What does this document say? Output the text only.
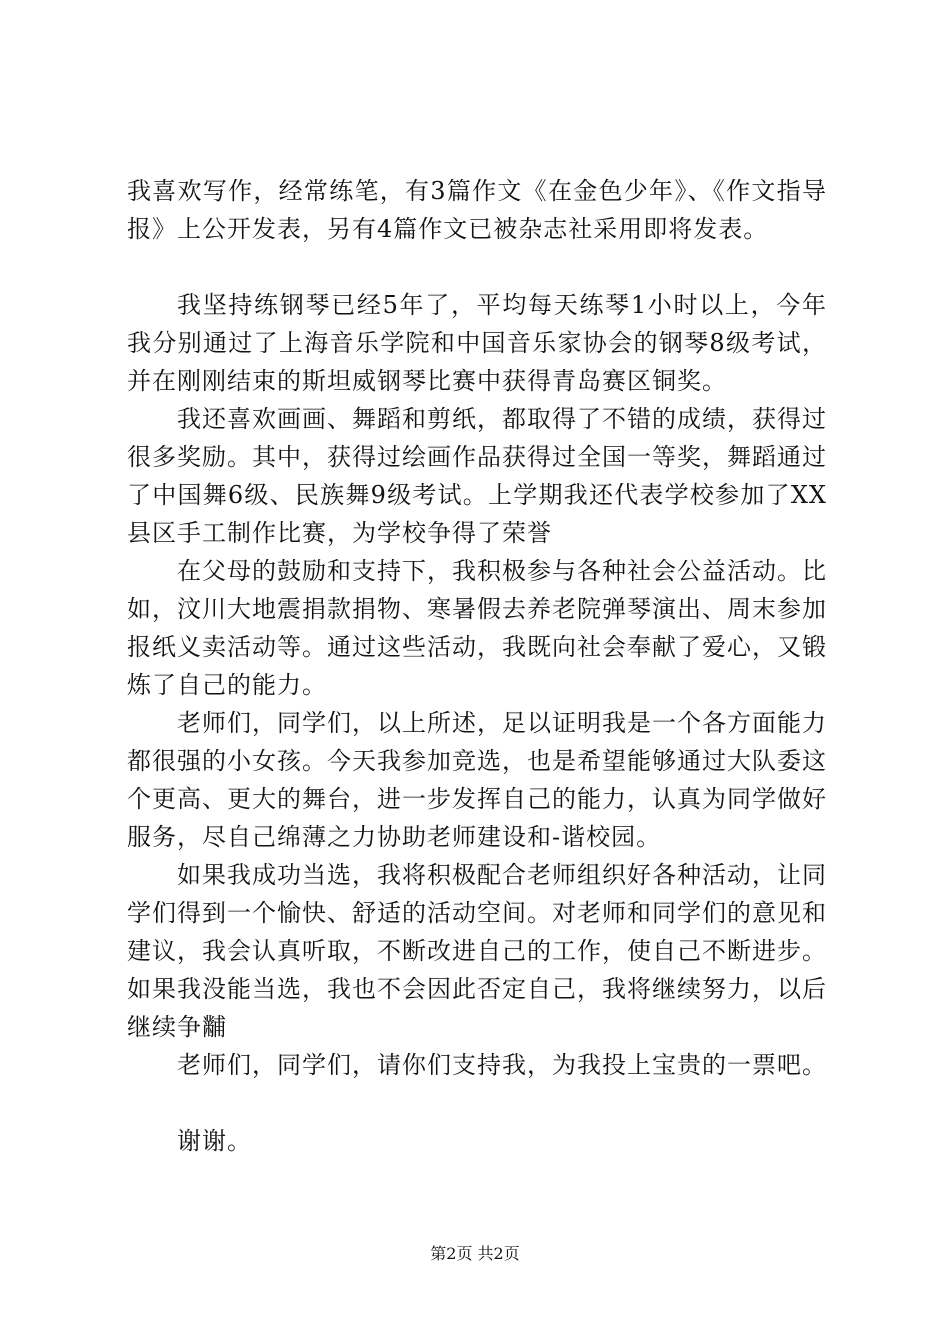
我喜欢写作，经常练笔，有3篇作文《在金色少年》、《作文指导报》上公开发表，另有4篇作文已被杂志社采用即将发表。

我坚持练钢琴已经5年了，平均每天练琴1小时以上，今年我分别通过了上海音乐学院和中国音乐家协会的钢琴8级考试，并在刚刚结束的斯坦威钢琴比赛中获得青岛赛区铜奖。

我还喜欢画画、舞蹈和剪纸，都取得了不错的成绩，获得过很多奖励。其中，获得过绘画作品获得过全国一等奖，舞蹈通过了中国舞6级、民族舞9级考试。上学期我还代表学校参加了XX县区手工制作比赛，为学校争得了荣誉

在父母的鼓励和支持下，我积极参与各种社会公益活动。比如，汶川大地震捐款捐物、寒暑假去养老院弹琴演出、周末参加报纸义卖活动等。通过这些活动，我既向社会奉献了爱心，又锻炼了自己的能力。

老师们，同学们，以上所述，足以证明我是一个各方面能力都很强的小女孩。今天我参加竞选，也是希望能够通过大队委这个更高、更大的舞台，进一步发挥自己的能力，认真为同学做好服务，尽自己绵薄之力协助老师建设和-谐校园。

如果我成功当选，我将积极配合老师组织好各种活动，让同学们得到一个愉快、舒适的活动空间。对老师和同学们的意见和建议，我会认真听取，不断改进自己的工作，使自己不断进步。如果我没能当选，我也不会因此否定自己，我将继续努力，以后继续争黼

老师们，同学们，请你们支持我，为我投上宝贵的一票吧。

谢谢。

第2页 共2页
